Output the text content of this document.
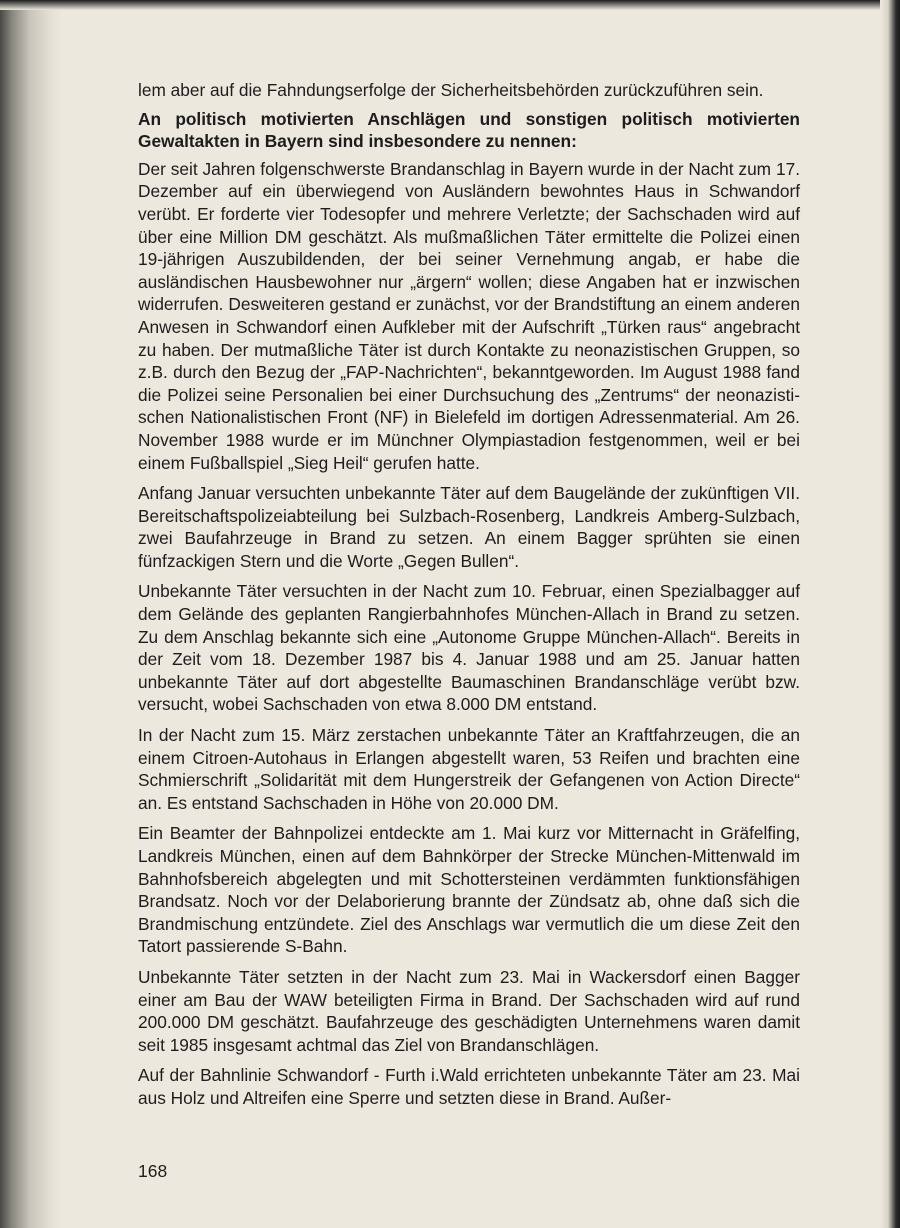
lem aber auf die Fahndungserfolge der Sicherheitsbehörden zurückzuführen sein.

An politisch motivierten Anschlägen und sonstigen politisch motivierten Gewaltakten in Bayern sind insbesondere zu nennen:

Der seit Jahren folgenschwerste Brandanschlag in Bayern wurde in der Nacht zum 17. Dezember auf ein überwiegend von Ausländern bewohntes Haus in Schwandorf verübt. Er forderte vier Todesopfer und mehrere Verletzte; der Sachschaden wird auf über eine Million DM geschätzt. Als mußmaßlichen Täter ermittelte die Polizei einen 19-jährigen Auszubildenden, der bei seiner Vernehmung angab, er habe die ausländischen Hausbewohner nur „ärgern“ wollen; diese Angaben hat er inzwischen widerrufen. Desweiteren gestand er zunächst, vor der Brandstiftung an einem anderen Anwesen in Schwandorf einen Aufkleber mit der Aufschrift „Türken raus“ angebracht zu haben. Der mutmaßliche Täter ist durch Kontakte zu neonazistischen Gruppen, so z.B. durch den Bezug der „FAP-Nachrichten“, bekanntgeworden. Im August 1988 fand die Polizei seine Personalien bei einer Durchsuchung des „Zentrums“ der neonazistischen Nationalistischen Front (NF) in Bielefeld im dortigen Adressenmaterial. Am 26. November 1988 wurde er im Münchner Olympiastadion festgenommen, weil er bei einem Fußballspiel „Sieg Heil“ gerufen hatte.

Anfang Januar versuchten unbekannte Täter auf dem Baugelände der zukünftigen VII. Bereitschaftspolizeiabteilung bei Sulzbach-Rosenberg, Landkreis Amberg-Sulzbach, zwei Baufahrzeuge in Brand zu setzen. An einem Bagger sprühten sie einen fünfzackigen Stern und die Worte „Gegen Bullen“.

Unbekannte Täter versuchten in der Nacht zum 10. Februar, einen Spezialbagger auf dem Gelände des geplanten Rangierbahnhofes München-Allach in Brand zu setzen. Zu dem Anschlag bekannte sich eine „Autonome Gruppe München-Allach“. Bereits in der Zeit vom 18. Dezember 1987 bis 4. Januar 1988 und am 25. Januar hatten unbekannte Täter auf dort abgestellte Baumaschinen Brandanschläge verübt bzw. versucht, wobei Sachschaden von etwa 8.000 DM entstand.

In der Nacht zum 15. März zerstachen unbekannte Täter an Kraftfahrzeugen, die an einem Citroen-Autohaus in Erlangen abgestellt waren, 53 Reifen und brachten eine Schmierschrift „Solidarität mit dem Hungerstreik der Gefangenen von Action Directe“ an. Es entstand Sachschaden in Höhe von 20.000 DM.

Ein Beamter der Bahnpolizei entdeckte am 1. Mai kurz vor Mitternacht in Gräfelfing, Landkreis München, einen auf dem Bahnkörper der Strecke München-Mittenwald im Bahnhofsbereich abgelegten und mit Schottersteinen verdämmten funktionsfähigen Brandsatz. Noch vor der Delaborierung brannte der Zündsatz ab, ohne daß sich die Brandmischung entzündete. Ziel des Anschlags war vermutlich die um diese Zeit den Tatort passierende S-Bahn.

Unbekannte Täter setzten in der Nacht zum 23. Mai in Wackersdorf einen Bagger einer am Bau der WAW beteiligten Firma in Brand. Der Sachschaden wird auf rund 200.000 DM geschätzt. Baufahrzeuge des geschädigten Unternehmens waren damit seit 1985 insgesamt achtmal das Ziel von Brandanschlägen.

Auf der Bahnlinie Schwandorf - Furth i.Wald errichteten unbekannte Täter am 23. Mai aus Holz und Altreifen eine Sperre und setzten diese in Brand. Außer-

168
